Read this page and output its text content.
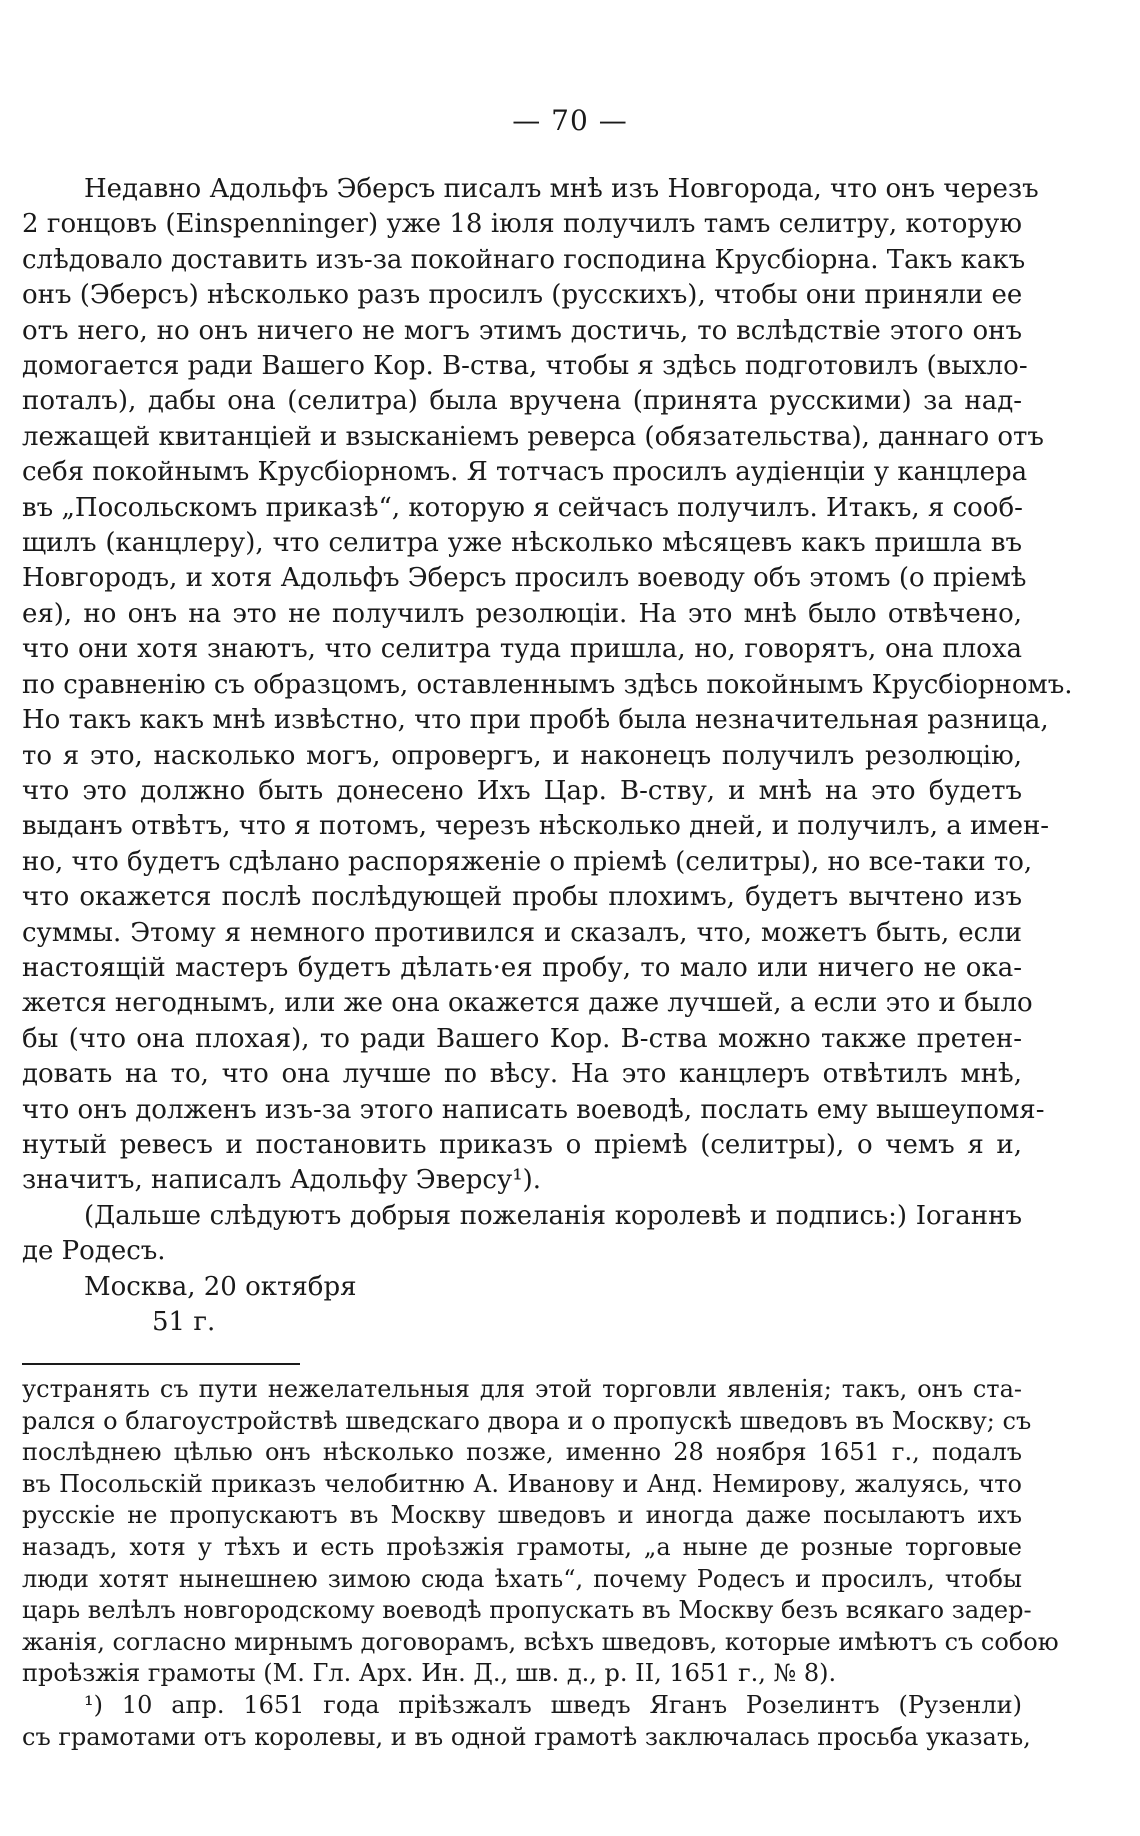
— 70 —
Недавно Адольфъ Эберсъ писалъ мнѣ изъ Новгорода, что онъ черезъ
2 гонцовъ (Einspenninger) уже 18 іюля получилъ тамъ селитру, которую
слѣдовало доставить изъ-за покойнаго господина Крусбіорна. Такъ какъ
онъ (Эберсъ) нѣсколько разъ просилъ (русскихъ), чтобы они приняли ее
отъ него, но онъ ничего не могъ этимъ достичь, то вслѣдствіе этого онъ
домогается ради Вашего Кор. В-ства, чтобы я здѣсь подготовилъ (выхло-
поталъ), дабы она (селитра) была вручена (принята русскими) за над-
лежащей квитанціей и взысканіемъ реверса (обязательства), даннаго отъ
себя покойнымъ Крусбіорномъ. Я тотчасъ просилъ аудіенціи у канцлера
въ „Посольскомъ приказѣ“, которую я сейчасъ получилъ. Итакъ, я сооб-
щилъ (канцлеру), что селитра уже нѣсколько мѣсяцевъ какъ пришла въ
Новгородъ, и хотя Адольфъ Эберсъ просилъ воеводу объ этомъ (о пріемѣ
ея), но онъ на это не получилъ резолюціи. На это мнѣ было отвѣчено,
что они хотя знаютъ, что селитра туда пришла, но, говорятъ, она плоха
по сравненію съ образцомъ, оставленнымъ здѣсь покойнымъ Крусбіорномъ.
Но такъ какъ мнѣ извѣстно, что при пробѣ была незначительная разница,
то я это, насколько могъ, опровергъ, и наконецъ получилъ резолюцію,
что это должно быть донесено Ихъ Цар. В-ству, и мнѣ на это будетъ
выданъ отвѣтъ, что я потомъ, черезъ нѣсколько дней, и получилъ, а имен-
но, что будетъ сдѣлано распоряженіе о пріемѣ (селитры), но все-таки то,
что окажется послѣ послѣдующей пробы плохимъ, будетъ вычтено изъ
суммы. Этому я немного противился и сказалъ, что, можетъ быть, если
настоящій мастеръ будетъ дѣлать·ея пробу, то мало или ничего не ока-
жется негоднымъ, или же она окажется даже лучшей, а если это и было
бы (что она плохая), то ради Вашего Кор. В-ства можно также претен-
довать на то, что она лучше по вѣсу. На это канцлеръ отвѣтилъ мнѣ,
что онъ долженъ изъ-за этого написать воеводѣ, послать ему вышеупомя-
нутый ревесъ и постановить приказъ о пріемѣ (селитры), о чемъ я и,
значитъ, написалъ Адольфу Эверсу¹).
(Дальше слѣдуютъ добрыя пожеланія королевѣ и подпись:) Іоганнъ
де Родесъ.
Москва, 20 октября
51 г.
устранять съ пути нежелательныя для этой торговли явленія; такъ, онъ ста-
рался о благоустройствѣ шведскаго двора и о пропускѣ шведовъ въ Москву; съ
послѣднею цѣлью онъ нѣсколько позже, именно 28 ноября 1651 г., подалъ
въ Посольскій приказъ челобитню А. Иванову и Анд. Немирову, жалуясь, что
русскіе не пропускаютъ въ Москву шведовъ и иногда даже посылаютъ ихъ
назадъ, хотя у тѣхъ и есть проѣзжія грамоты, „а ныне де розные торговые
люди хотят нынешнею зимою сюда ѣхать“, почему Родесъ и просилъ, чтобы
царь велѣлъ новгородскому воеводѣ пропускать въ Москву безъ всякаго задер-
жанія, согласно мирнымъ договорамъ, всѣхъ шведовъ, которые имѣютъ съ собою
проѣзжія грамоты (М. Гл. Арх. Ин. Д., шв. д., р. II, 1651 г., № 8).
¹) 10 апр. 1651 года пріѣзжалъ шведъ Яганъ Розелинтъ (Рузенли)
съ грамотами отъ королевы, и въ одной грамотѣ заключалась просьба указать,
